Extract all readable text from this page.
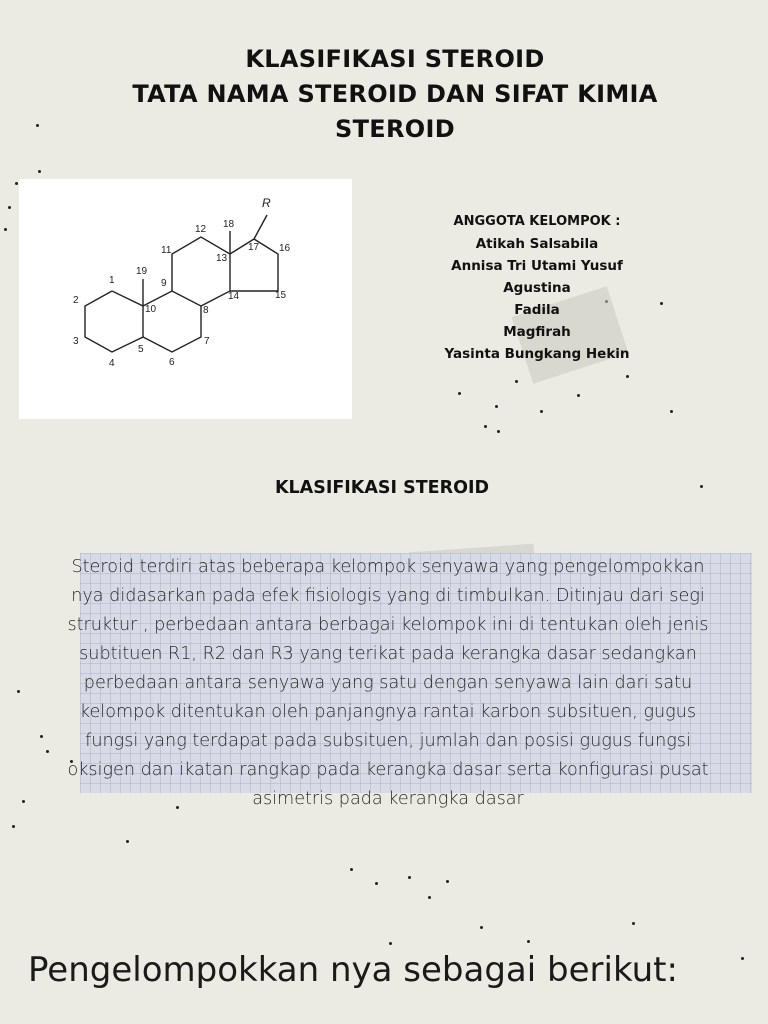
KLASIFIKASI STEROID
TATA NAMA STEROID DAN SIFAT KIMIA
STEROID
R
1
2
3
4
5
6
7
8
9
10
11
12
13
14	15
16
17
18
19
ANGGOTA KELOMPOK :
Atikah Salsabila
Annisa Tri Utami Yusuf
Agustina
Fadila
Magfirah
Yasinta Bungkang Hekin
KLASIFIKASI STEROID
Steroid terdiri atas beberapa kelompok senyawa yang pengelompokkan
nya didasarkan pada efek fisiologis yang di timbulkan. Ditinjau dari segi
struktur , perbedaan antara berbagai kelompok ini di tentukan oleh jenis
subtituen R1, R2 dan R3 yang terikat pada kerangka dasar sedangkan
perbedaan antara senyawa yang satu dengan senyawa lain dari satu
kelompok ditentukan oleh panjangnya rantai karbon subsituen, gugus
fungsi yang terdapat pada subsituen, jumlah dan posisi gugus fungsi
oksigen dan ikatan rangkap pada kerangka dasar serta konfigurasi pusat
asimetris pada kerangka dasar
Pengelompokkan nya sebagai berikut:
